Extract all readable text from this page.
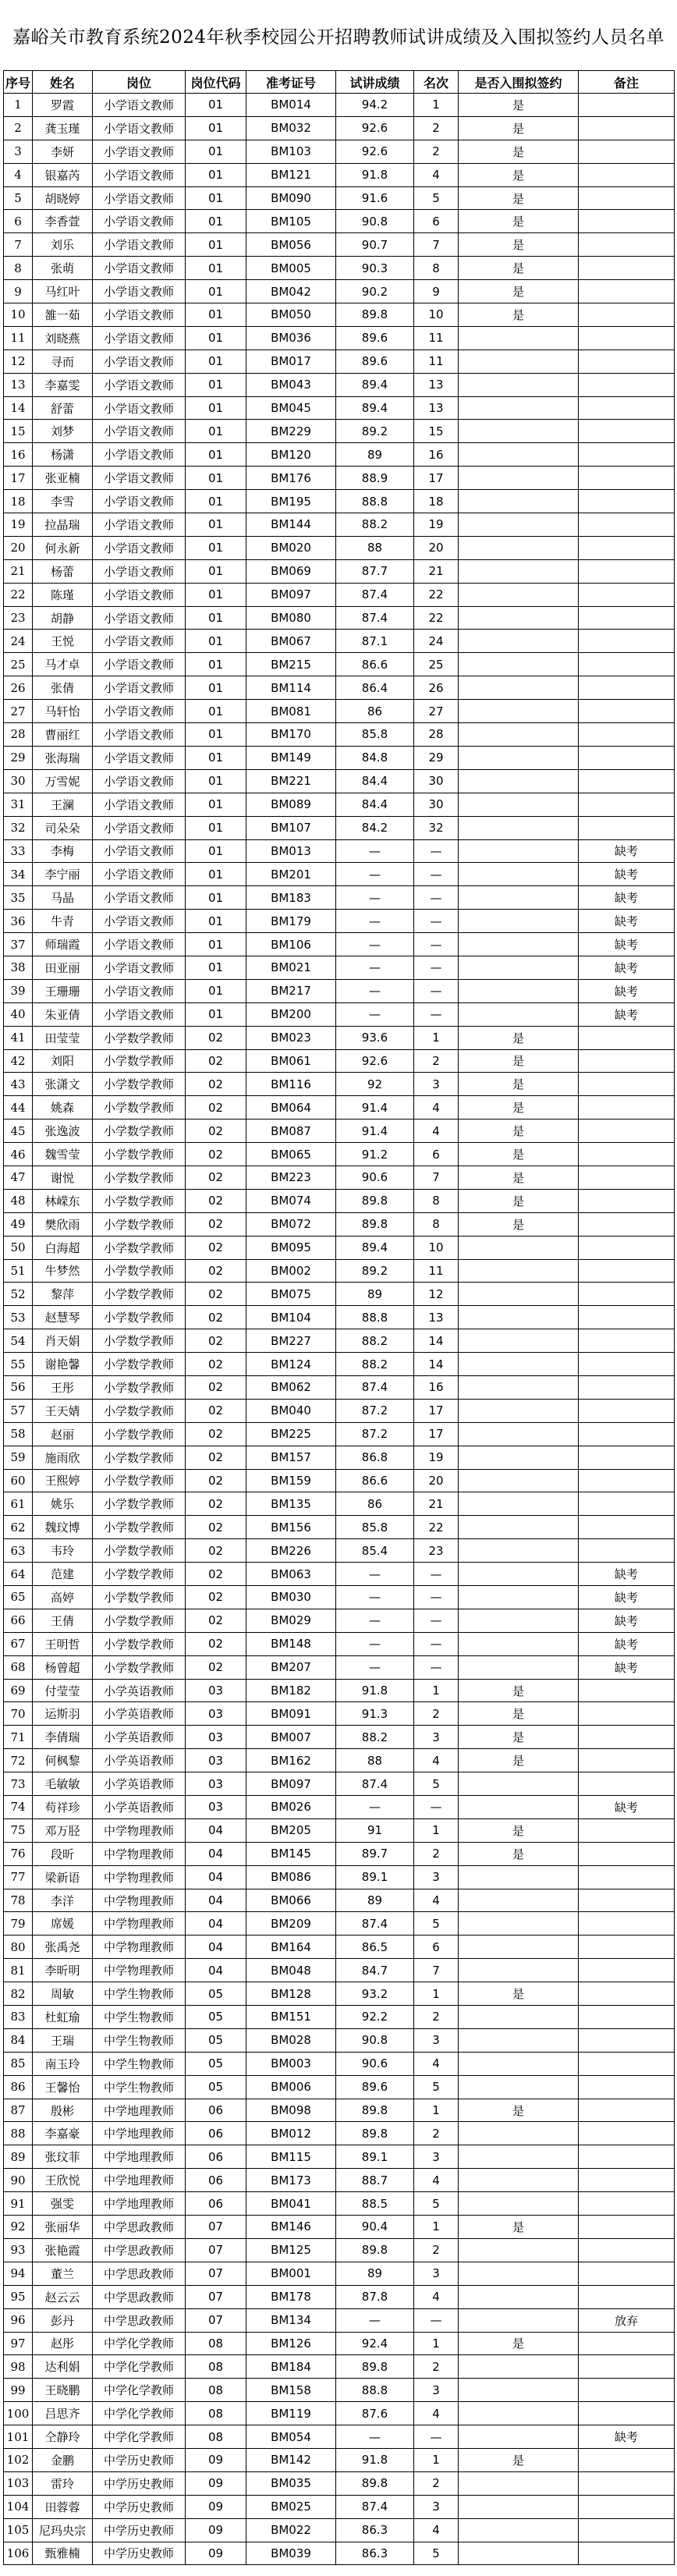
嘉峪关市教育系统2024年秋季校园公开招聘教师试讲成绩及入围拟签约人员名单
序号	姓名	岗位	岗位代码	准考证号	试讲成绩	名次	是否入围拟签约	备注
1	罗霞	小学语文教师	01	BM014	94.2	1	是	
2	龚玉瑾	小学语文教师	01	BM032	92.6	2	是	
3	李妍	小学语文教师	01	BM103	92.6	2	是	
4	银嘉芮	小学语文教师	01	BM121	91.8	4	是	
5	胡晓婷	小学语文教师	01	BM090	91.6	5	是	
6	李香萱	小学语文教师	01	BM105	90.8	6	是	
7	刘乐	小学语文教师	01	BM056	90.7	7	是	
8	张萌	小学语文教师	01	BM005	90.3	8	是	
9	马红叶	小学语文教师	01	BM042	90.2	9	是	
10	雒一茹	小学语文教师	01	BM050	89.8	10	是	
11	刘晓燕	小学语文教师	01	BM036	89.6	11		
12	寻而	小学语文教师	01	BM017	89.6	11		
13	李嘉雯	小学语文教师	01	BM043	89.4	13		
14	舒蕾	小学语文教师	01	BM045	89.4	13		
15	刘梦	小学语文教师	01	BM229	89.2	15		
16	杨潇	小学语文教师	01	BM120	89	16		
17	张亚楠	小学语文教师	01	BM176	88.9	17		
18	李雪	小学语文教师	01	BM195	88.8	18		
19	拉晶瑞	小学语文教师	01	BM144	88.2	19		
20	何永新	小学语文教师	01	BM020	88	20		
21	杨蕾	小学语文教师	01	BM069	87.7	21		
22	陈瑾	小学语文教师	01	BM097	87.4	22		
23	胡静	小学语文教师	01	BM080	87.4	22		
24	王悦	小学语文教师	01	BM067	87.1	24		
25	马才卓	小学语文教师	01	BM215	86.6	25		
26	张倩	小学语文教师	01	BM114	86.4	26		
27	马轩怡	小学语文教师	01	BM081	86	27		
28	曹丽红	小学语文教师	01	BM170	85.8	28		
29	张海瑞	小学语文教师	01	BM149	84.8	29		
30	万雪妮	小学语文教师	01	BM221	84.4	30		
31	王澜	小学语文教师	01	BM089	84.4	30		
32	司朵朵	小学语文教师	01	BM107	84.2	32		
33	李梅	小学语文教师	01	BM013	—	—		缺考
34	李宁丽	小学语文教师	01	BM201	—	—		缺考
35	马晶	小学语文教师	01	BM183	—	—		缺考
36	牛青	小学语文教师	01	BM179	—	—		缺考
37	师瑞霞	小学语文教师	01	BM106	—	—		缺考
38	田亚丽	小学语文教师	01	BM021	—	—		缺考
39	王珊珊	小学语文教师	01	BM217	—	—		缺考
40	朱亚倩	小学语文教师	01	BM200	—	—		缺考
41	田莹莹	小学数学教师	02	BM023	93.6	1	是	
42	刘阳	小学数学教师	02	BM061	92.6	2	是	
43	张潇文	小学数学教师	02	BM116	92	3	是	
44	姚森	小学数学教师	02	BM064	91.4	4	是	
45	张逸波	小学数学教师	02	BM087	91.4	4	是	
46	魏雪莹	小学数学教师	02	BM065	91.2	6	是	
47	谢悦	小学数学教师	02	BM223	90.6	7	是	
48	林嵘东	小学数学教师	02	BM074	89.8	8	是	
49	樊欣雨	小学数学教师	02	BM072	89.8	8	是	
50	白海超	小学数学教师	02	BM095	89.4	10		
51	牛梦然	小学数学教师	02	BM002	89.2	11		
52	黎萍	小学数学教师	02	BM075	89	12		
53	赵慧琴	小学数学教师	02	BM104	88.8	13		
54	肖天娟	小学数学教师	02	BM227	88.2	14		
55	谢艳馨	小学数学教师	02	BM124	88.2	14		
56	王彤	小学数学教师	02	BM062	87.4	16		
57	王天婧	小学数学教师	02	BM040	87.2	17		
58	赵丽	小学数学教师	02	BM225	87.2	17		
59	施雨欣	小学数学教师	02	BM157	86.8	19		
60	王熙婷	小学数学教师	02	BM159	86.6	20		
61	姚乐	小学数学教师	02	BM135	86	21		
62	魏玟博	小学数学教师	02	BM156	85.8	22		
63	韦玲	小学数学教师	02	BM226	85.4	23		
64	范建	小学数学教师	02	BM063	—	—		缺考
65	高婷	小学数学教师	02	BM030	—	—		缺考
66	王倩	小学数学教师	02	BM029	—	—		缺考
67	王明哲	小学数学教师	02	BM148	—	—		缺考
68	杨曾超	小学数学教师	02	BM207	—	—		缺考
69	付莹莹	小学英语教师	03	BM182	91.8	1	是	
70	运斯羽	小学英语教师	03	BM091	91.3	2	是	
71	李倩瑞	小学英语教师	03	BM007	88.2	3	是	
72	何枫黎	小学英语教师	03	BM162	88	4	是	
73	毛敏敏	小学英语教师	03	BM097	87.4	5		
74	苟祥珍	小学英语教师	03	BM026	—	—		缺考
75	邓万胫	中学物理教师	04	BM205	91	1	是	
76	段昕	中学物理教师	04	BM145	89.7	2	是	
77	梁新语	中学物理教师	04	BM086	89.1	3		
78	李洋	中学物理教师	04	BM066	89	4		
79	席媛	中学物理教师	04	BM209	87.4	5		
80	张禹尧	中学物理教师	04	BM164	86.5	6		
81	李昕明	中学物理教师	04	BM048	84.7	7		
82	周敏	中学生物教师	05	BM128	93.2	1	是	
83	杜虹瑜	中学生物教师	05	BM151	92.2	2		
84	王瑞	中学生物教师	05	BM028	90.8	3		
85	南玉玲	中学生物教师	05	BM003	90.6	4		
86	王馨怡	中学生物教师	05	BM006	89.6	5		
87	殷彬	中学地理教师	06	BM098	89.8	1	是	
88	李嘉豪	中学地理教师	06	BM012	89.8	2		
89	张玟菲	中学地理教师	06	BM115	89.1	3		
90	王欣悦	中学地理教师	06	BM173	88.7	4		
91	强雯	中学地理教师	06	BM041	88.5	5		
92	张丽华	中学思政教师	07	BM146	90.4	1	是	
93	张艳霞	中学思政教师	07	BM125	89.8	2		
94	董兰	中学思政教师	07	BM001	89	3		
95	赵云云	中学思政教师	07	BM178	87.8	4		
96	彭丹	中学思政教师	07	BM134	—	—		放弃
97	赵彤	中学化学教师	08	BM126	92.4	1	是	
98	达利娟	中学化学教师	08	BM184	89.8	2		
99	王晓鹏	中学化学教师	08	BM158	88.8	3		
100	吕思齐	中学化学教师	08	BM119	87.6	4		
101	仝静玲	中学化学教师	08	BM054	—	—		缺考
102	金鹏	中学历史教师	09	BM142	91.8	1	是	
103	雷玲	中学历史教师	09	BM035	89.8	2		
104	田蓉蓉	中学历史教师	09	BM025	87.4	3		
105	尼玛央宗	中学历史教师	09	BM022	86.3	4		
106	甄雅楠	中学历史教师	09	BM039	86.3	5		
